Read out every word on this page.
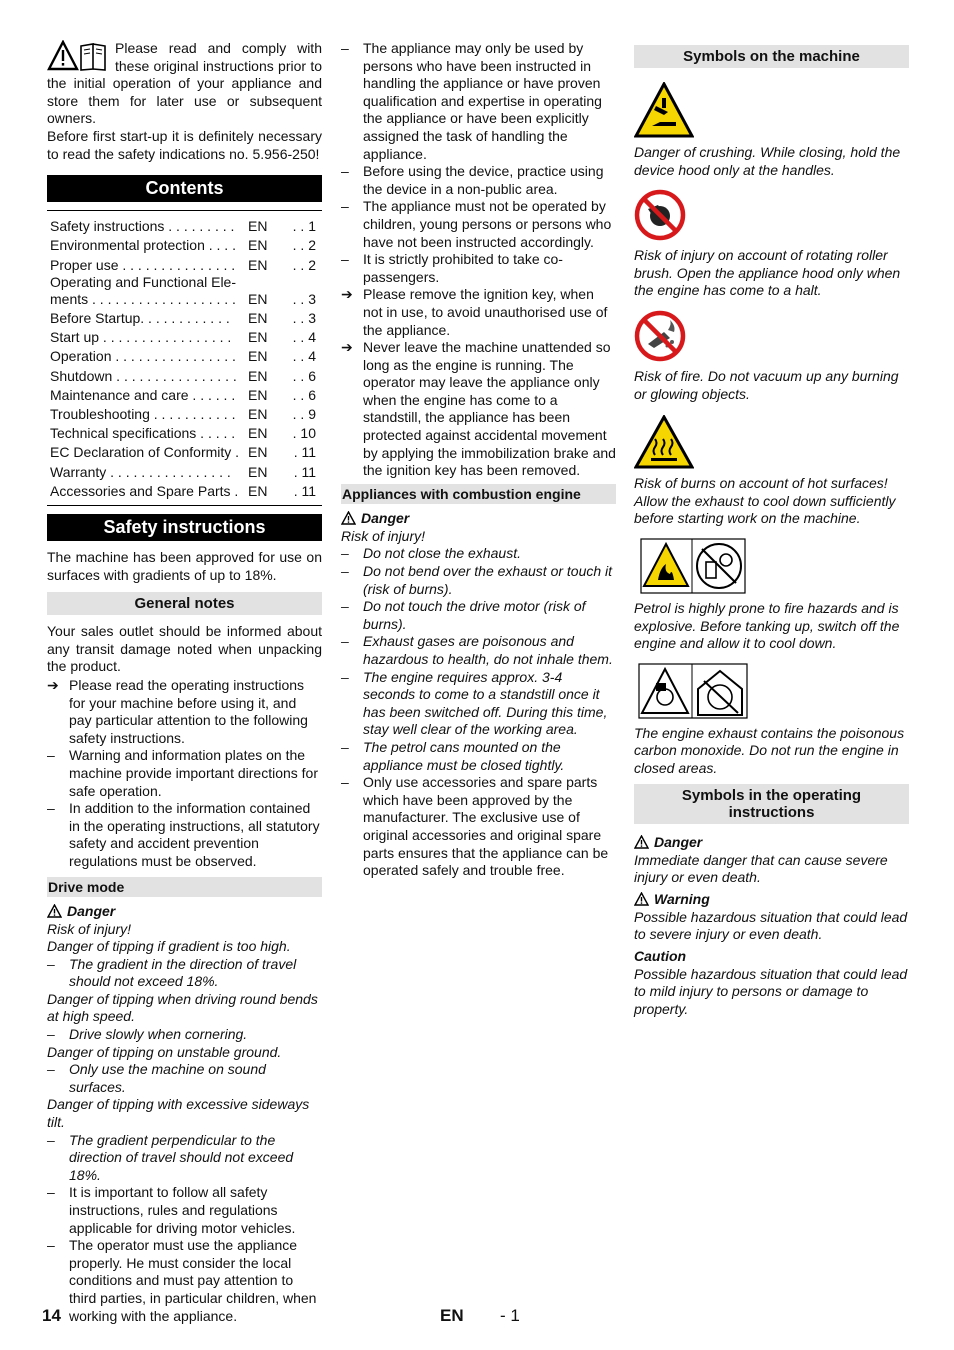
Please read and comply with these original instructions prior to the initial operation of your appliance and store them for later use or subsequent owners.

Before first start-up it is definitely necessary to read the safety indications no. 5.956-250!

Contents
Safety instructions . . . . . . . . . EN	. . 1
Environmental protection . . . . EN	. . 2
Proper use . . . . . . . . . . . . . . . EN	. . 2
Operating and Functional Ele-
ments . . . . . . . . . . . . . . . . . . . EN	. . 3
Before Startup. . . . . . . . . . . .	EN	. . 3
Start up . . . . . . . . . . . . . . . . .	EN	. . 4
Operation . . . . . . . . . . . . . . . . EN	. . 4
Shutdown . . . . . . . . . . . . . . . . EN	. . 6
Maintenance and care . . . . . . EN	. . 6
Troubleshooting . . . . . . . . . . . EN	. . 9
Technical specifications . . . . . EN	. 10
EC Declaration of Conformity . EN	. 11
Warranty . . . . . . . . . . . . . . . .	EN	. 11
Accessories and Spare Parts . EN	. 11
Safety instructions

The machine has been approved for use on surfaces with gradients of up to 18%.

General notes

Your sales outlet should be informed about any transit damage noted when unpacking the product.

➔ Please read the operating instructions for your machine before using it, and pay particular attention to the following safety instructions.
–	Warning and information plates on the machine provide important directions for safe operation.
–	In addition to the information contained in the operating instructions, all statutory safety and accident prevention regulations must be observed.
Drive mode
Danger

Risk of injury!

Danger of tipping if gradient is too high.

–	The gradient in the direction of travel should not exceed 18%.

Danger of tipping when driving round bends at high speed.

–	Drive slowly when cornering.

Danger of tipping on unstable ground.

–	Only use the machine on sound surfaces.

Danger of tipping with excessive sideways tilt.

–	The gradient perpendicular to the direction of travel should not exceed 18%.
–	It is important to follow all safety instructions, rules and regulations applicable for driving motor vehicles.
–	The operator must use the appliance properly. He must consider the local conditions and must pay attention to third parties, in particular children, when working with the appliance.
–	The appliance may only be used by persons who have been instructed in handling the appliance or have proven qualification and expertise in operating the appliance or have been explicitly assigned the task of handling the appliance.
–	Before using the device, practice using the device in a non-public area.
–	The appliance must not be operated by children, young persons or persons who have not been instructed accordingly.
–	It is strictly prohibited to take co-passengers.
➔ Please remove the ignition key, when not in use, to avoid unauthorised use of the appliance.
➔ Never leave the machine unattended so long as the engine is running. The operator may leave the appliance only when the engine has come to a standstill, the appliance has been protected against accidental movement by applying the immobilization brake and the ignition key has been removed.
Appliances with combustion engine
Danger

Risk of injury!

–	Do not close the exhaust.
–	Do not bend over the exhaust or touch it (risk of burns).
–	Do not touch the drive motor (risk of burns).
–	Exhaust gases are poisonous and hazardous to health, do not inhale them.
–	The engine requires approx. 3-4 seconds to come to a standstill once it has been switched off. During this time, stay well clear of the working area.
–	The petrol cans mounted on the appliance must be closed tightly.
–	Only use accessories and spare parts which have been approved by the manufacturer. The exclusive use of original accessories and original spare parts ensures that the appliance can be operated safely and trouble free.
Symbols on the machine

Danger of crushing. While closing, hold the device hood only at the handles.

Risk of injury on account of rotating roller brush. Open the appliance hood only when the engine has come to a halt.

Risk of fire. Do not vacuum up any burning or glowing objects.

Risk of burns on account of hot surfaces! Allow the exhaust to cool down sufficiently before starting work on the machine.

Petrol is highly prone to fire hazards and is explosive. Before tanking up, switch off the engine and allow it to cool down.

The engine exhaust contains the poisonous carbon monoxide. Do not run the engine in closed areas.

Symbols in the operating instructions
Danger

Immediate danger that can cause severe injury or even death.

Warning

Possible hazardous situation that could lead to severe injury or even death.

Caution

Possible hazardous situation that could lead to mild injury to persons or damage to property.

14	EN - 1
